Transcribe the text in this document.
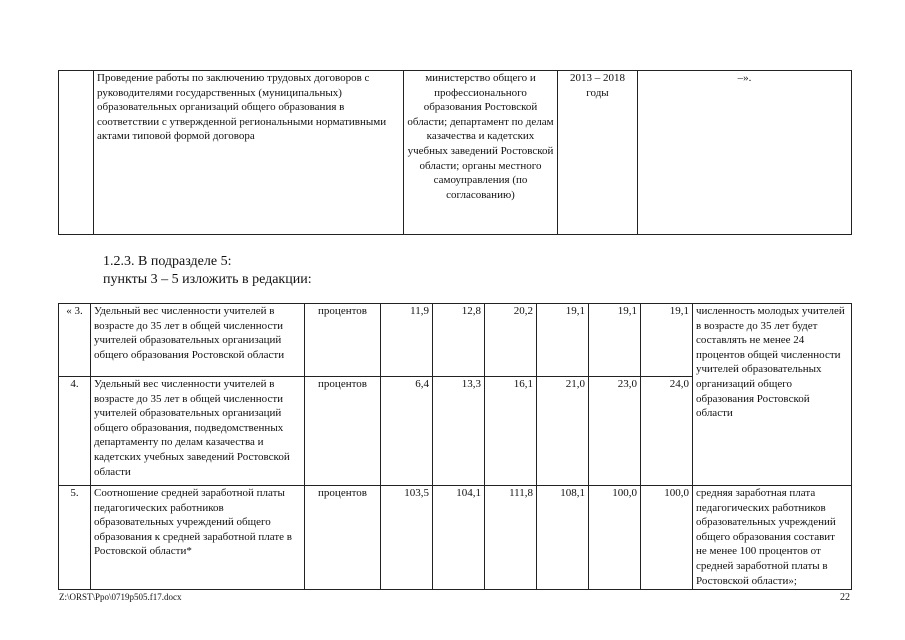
	Проведение работы по заключению трудовых договоров с руководителями государственных (муниципальных) образовательных организаций общего образования в соответствии с утвержденной региональными нормативными актами типовой формой договора	министерство общего и профессионального образования Ростовской области; департамент по делам казачества и кадетских учебных заведений Ростовской области; органы местного самоуправления (по согласованию)	2013 – 2018 годы	–».
1.2.3. В подразделе 5:
пункты 3 – 5 изложить в редакции:
« 3.	Удельный вес численности учителей в возрасте до 35 лет в общей численности учителей образовательных организаций общего образования Ростовской области	процентов	11,9	12,8	20,2	19,1	19,1	19,1	численность молодых учителей в возрасте до 35 лет будет составлять не менее 24 процентов общей численности учителей образовательных организаций общего образования Ростовской области
4.	Удельный вес численности учителей в возрасте до 35 лет в общей численности учителей образовательных организаций общего образования, подведомственных департаменту по делам казачества и кадетских учебных заведений Ростовской области	процентов	6,4	13,3	16,1	21,0	23,0	24,0	
5.	Соотношение средней заработной платы педагогических работников образовательных учреждений общего образования к средней заработной плате в Ростовской области*	процентов	103,5	104,1	111,8	108,1	100,0	100,0	средняя заработная плата педагогических работников образовательных учреждений общего образования составит не менее 100 процентов от средней заработной платы в Ростовской области»;
Z:\ORST\Ppo\0719p505.f17.docx	22
